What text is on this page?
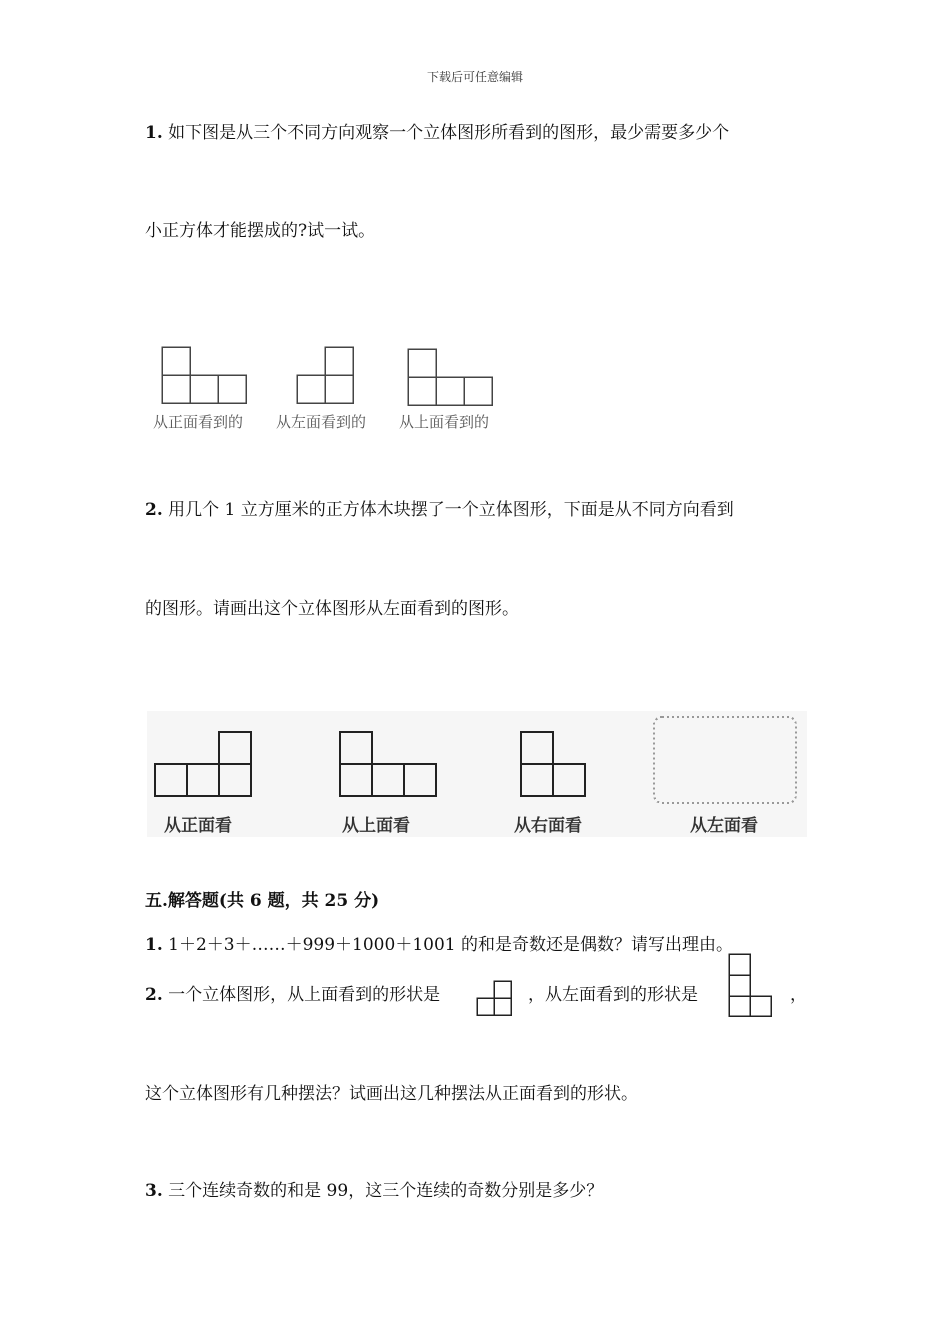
下载后可任意编辑
1. 如下图是从三个不同方向观察一个立体图形所看到的图形，最少需要多少个
小正方体才能摆成的?试一试。
从正面看到的 从左面看到的 从上面看到的
2. 用几个 1 立方厘米的正方体木块摆了一个立体图形，下面是从不同方向看到
的图形。请画出这个立体图形从左面看到的图形。
从正面看	从上面看	从右面看	从左面看
五.解答题(共 6 题，共 25 分)
1. 1＋2＋3＋……＋999＋1000＋1001 的和是奇数还是偶数？请写出理由。
2. 一个立体图形，从上面看到的形状是	，从左面看到的形状是	，
这个立体图形有几种摆法？试画出这几种摆法从正面看到的形状。
3. 三个连续奇数的和是 99，这三个连续的奇数分别是多少？
